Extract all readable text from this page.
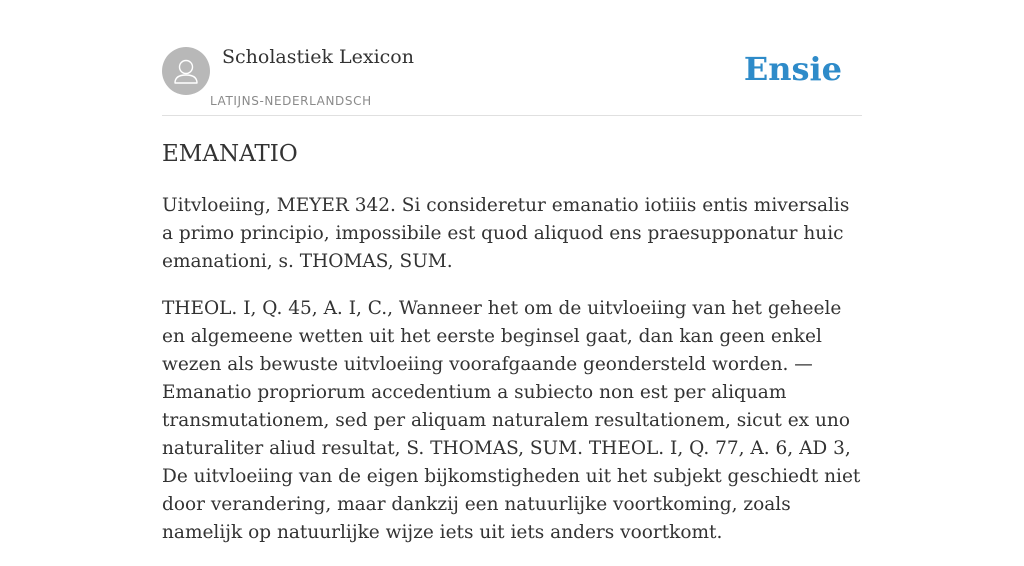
Scholastiek Lexicon
LATIJNS-NEDERLANDSCH
Ensie
EMANATIO

Uitvloeiing, MEYER 342. Si consideretur emanatio iotiiis entis miversalis a primo principio, impossibile est quod aliquod ens praesupponatur huic emanationi, s. THOMAS, SUM.

THEOL. I, Q. 45, A. I, C., Wanneer het om de uitvloeiing van het geheele en algemeene wetten uit het eerste beginsel gaat, dan kan geen enkel wezen als bewuste uitvloeiing voorafgaande geondersteld worden. — Emanatio propriorum accedentium a subiecto non est per aliquam transmutationem, sed per aliquam naturalem resultationem, sicut ex uno naturaliter aliud resultat, S. THOMAS, SUM. THEOL. I, Q. 77, A. 6, AD 3, De uitvloeiing van de eigen bijkomstigheden uit het subjekt geschiedt niet door verandering, maar dankzij een natuurlijke voortkoming, zoals namelijk op natuurlijke wijze iets uit iets anders voortkomt.
